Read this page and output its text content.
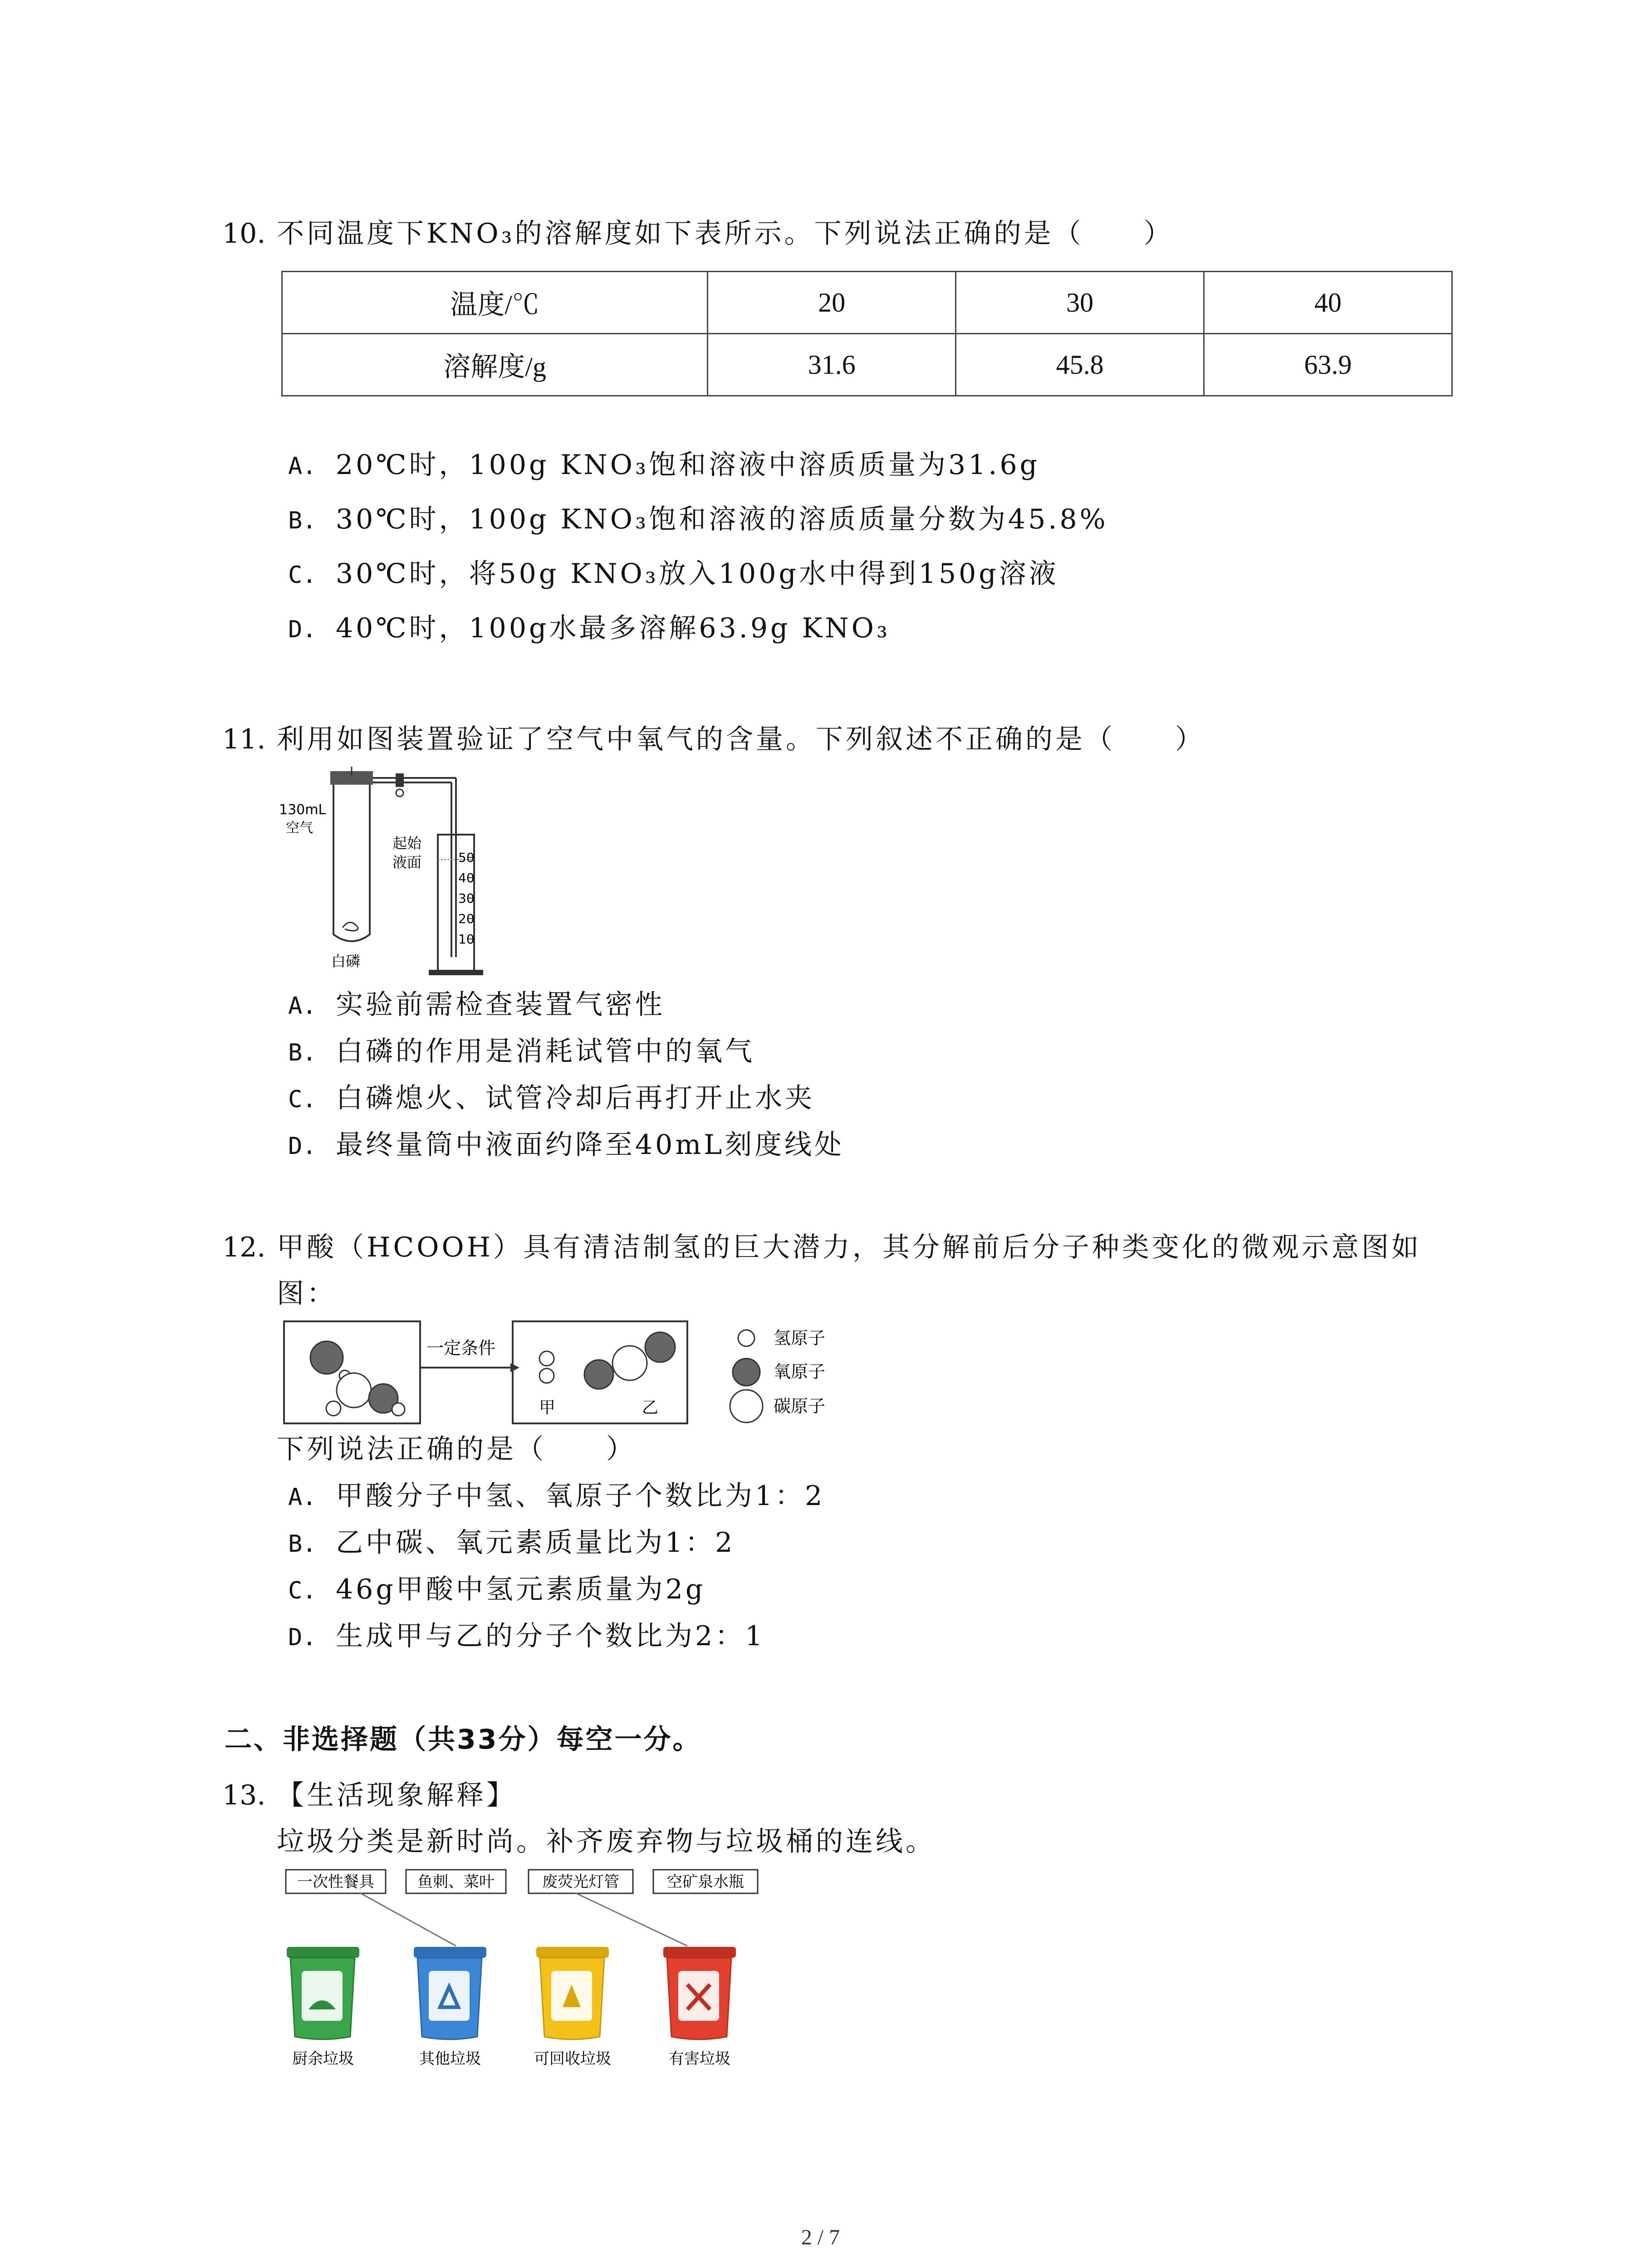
10. 不同温度下KNO₃的溶解度如下表所示。下列说法正确的是（　　）
温度/℃	20	30	40
溶解度/g	31.6	45.8	63.9
A. 20℃时，100g KNO₃饱和溶液中溶质质量为31.6g
B. 30℃时，100g KNO₃饱和溶液的溶质质量分数为45.8%
C. 30℃时，将50g KNO₃放入100g水中得到150g溶液
D. 40℃时，100g水最多溶解63.9g KNO₃
11. 利用如图装置验证了空气中氧气的含量。下列叙述不正确的是（　　）
50
40
30
20
10
130mL
空气
起始
液面
白磷
A. 实验前需检查装置气密性
B. 白磷的作用是消耗试管中的氧气
C. 白磷熄火、试管冷却后再打开止水夹
D. 最终量筒中液面约降至40mL刻度线处
12. 甲酸（HCOOH）具有清洁制氢的巨大潜力，其分解前后分子种类变化的微观示意图如
图：
一定条件
甲	乙
氢原子
氧原子
碳原子
下列说法正确的是（　　）
A. 甲酸分子中氢、氧原子个数比为1：2
B. 乙中碳、氧元素质量比为1：2
C. 46g甲酸中氢元素质量为2g
D. 生成甲与乙的分子个数比为2：1
二、非选择题（共33分）每空一分。
13. 【生活现象解释】
垃圾分类是新时尚。补齐废弃物与垃圾桶的连线。
一次性餐具	鱼刺、菜叶	废荧光灯管	空矿泉水瓶
厨余垃圾	其他垃圾	可回收垃圾	有害垃圾
2 / 7
